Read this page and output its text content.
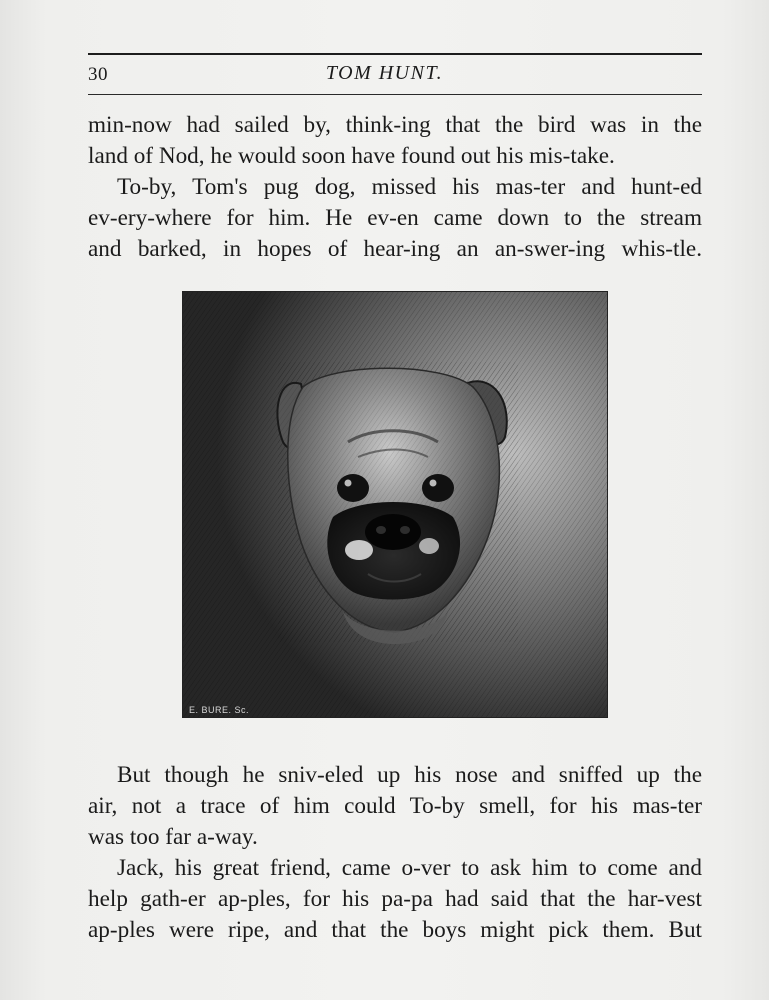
30	TOM HUNT.
min-now had sailed by, think-ing that the bird was in the
land of Nod, he would soon have found out his mis-take.
To-by, Tom's pug dog, missed his mas-ter and hunt-ed
ev-ery-where for him. He ev-en came down to the stream
and barked, in hopes of hear-ing an an-swer-ing whis-tle.
E. BURE. Sc.
But though he sniv-eled up his nose and sniffed up the
air, not a trace of him could To-by smell, for his mas-ter
was too far a-way.
Jack, his great friend, came o-ver to ask him to come and
help gath-er ap-ples, for his pa-pa had said that the har-vest
ap-ples were ripe, and that the boys might pick them. But
